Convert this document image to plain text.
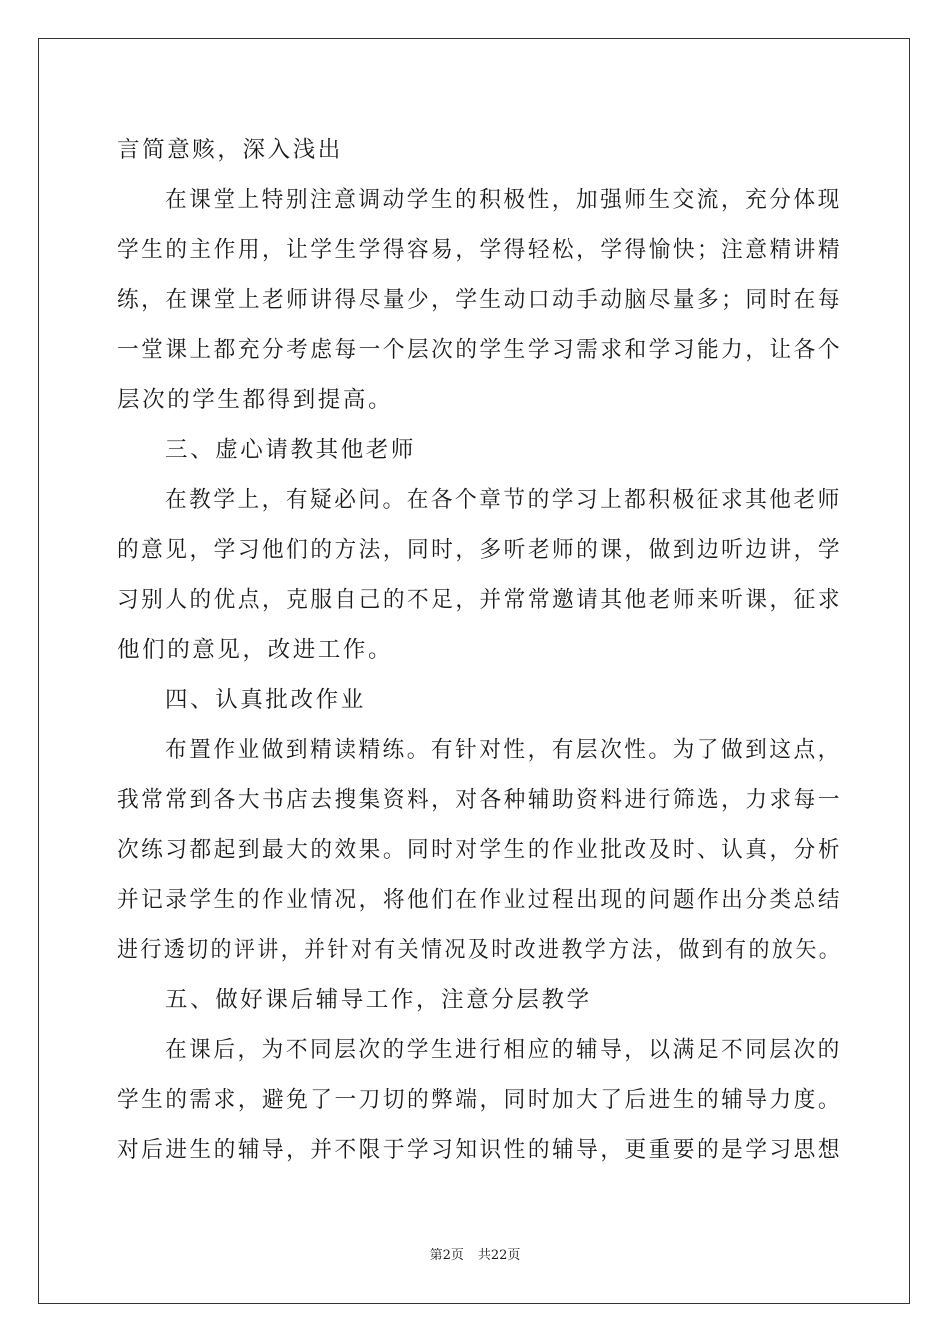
言简意赅，深入浅出
在课堂上特别注意调动学生的积极性，加强师生交流，充分体现
学生的主作用，让学生学得容易，学得轻松，学得愉快；注意精讲精
练，在课堂上老师讲得尽量少，学生动口动手动脑尽量多；同时在每
一堂课上都充分考虑每一个层次的学生学习需求和学习能力，让各个
层次的学生都得到提高。
三、虚心请教其他老师
在教学上，有疑必问。在各个章节的学习上都积极征求其他老师
的意见，学习他们的方法，同时，多听老师的课，做到边听边讲，学
习别人的优点，克服自己的不足，并常常邀请其他老师来听课，征求
他们的意见，改进工作。
四、认真批改作业
布置作业做到精读精练。有针对性，有层次性。为了做到这点，
我常常到各大书店去搜集资料，对各种辅助资料进行筛选，力求每一
次练习都起到最大的效果。同时对学生的作业批改及时、认真，分析
并记录学生的作业情况，将他们在作业过程出现的问题作出分类总结
进行透切的评讲，并针对有关情况及时改进教学方法，做到有的放矢。
五、做好课后辅导工作，注意分层教学
在课后，为不同层次的学生进行相应的辅导，以满足不同层次的
学生的需求，避免了一刀切的弊端，同时加大了后进生的辅导力度。
对后进生的辅导，并不限于学习知识性的辅导，更重要的是学习思想
第2页 共22页
